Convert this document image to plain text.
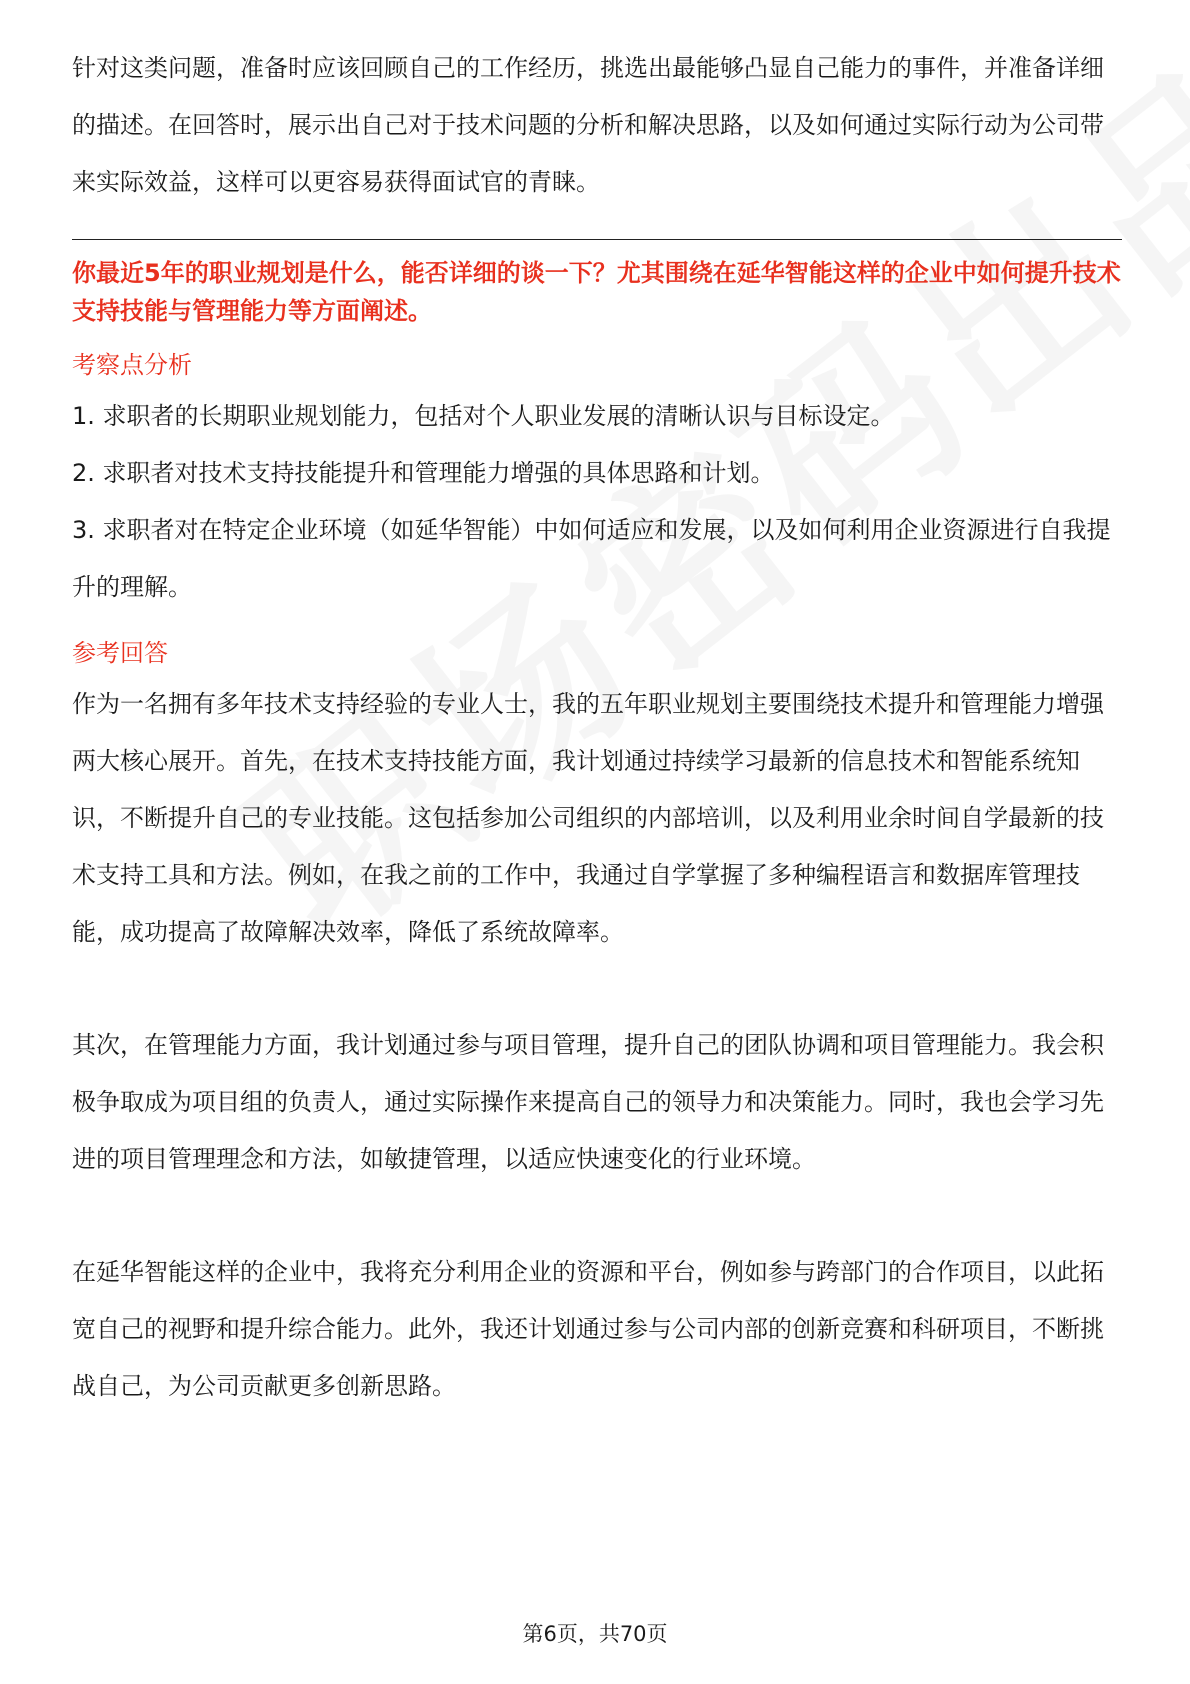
针对这类问题，准备时应该回顾自己的工作经历，挑选出最能够凸显自己能力的事件，并准备详细的描述。在回答时，展示出自己对于技术问题的分析和解决思路，以及如何通过实际行动为公司带来实际效益，这样可以更容易获得面试官的青睐。

你最近5年的职业规划是什么，能否详细的谈一下？尤其围绕在延华智能这样的企业中如何提升技术支持技能与管理能力等方面阐述。

考察点分析

1. 求职者的长期职业规划能力，包括对个人职业发展的清晰认识与目标设定。

2. 求职者对技术支持技能提升和管理能力增强的具体思路和计划。

3. 求职者对在特定企业环境（如延华智能）中如何适应和发展，以及如何利用企业资源进行自我提升的理解。

参考回答

作为一名拥有多年技术支持经验的专业人士，我的五年职业规划主要围绕技术提升和管理能力增强两大核心展开。首先，在技术支持技能方面，我计划通过持续学习最新的信息技术和智能系统知识，不断提升自己的专业技能。这包括参加公司组织的内部培训，以及利用业余时间自学最新的技术支持工具和方法。例如，在我之前的工作中，我通过自学掌握了多种编程语言和数据库管理技能，成功提高了故障解决效率，降低了系统故障率。

其次，在管理能力方面，我计划通过参与项目管理，提升自己的团队协调和项目管理能力。我会积极争取成为项目组的负责人，通过实际操作来提高自己的领导力和决策能力。同时，我也会学习先进的项目管理理念和方法，如敏捷管理，以适应快速变化的行业环境。

在延华智能这样的企业中，我将充分利用企业的资源和平台，例如参与跨部门的合作项目，以此拓宽自己的视野和提升综合能力。此外，我还计划通过参与公司内部的创新竞赛和科研项目，不断挑战自己，为公司贡献更多创新思路。

第6页，共70页
